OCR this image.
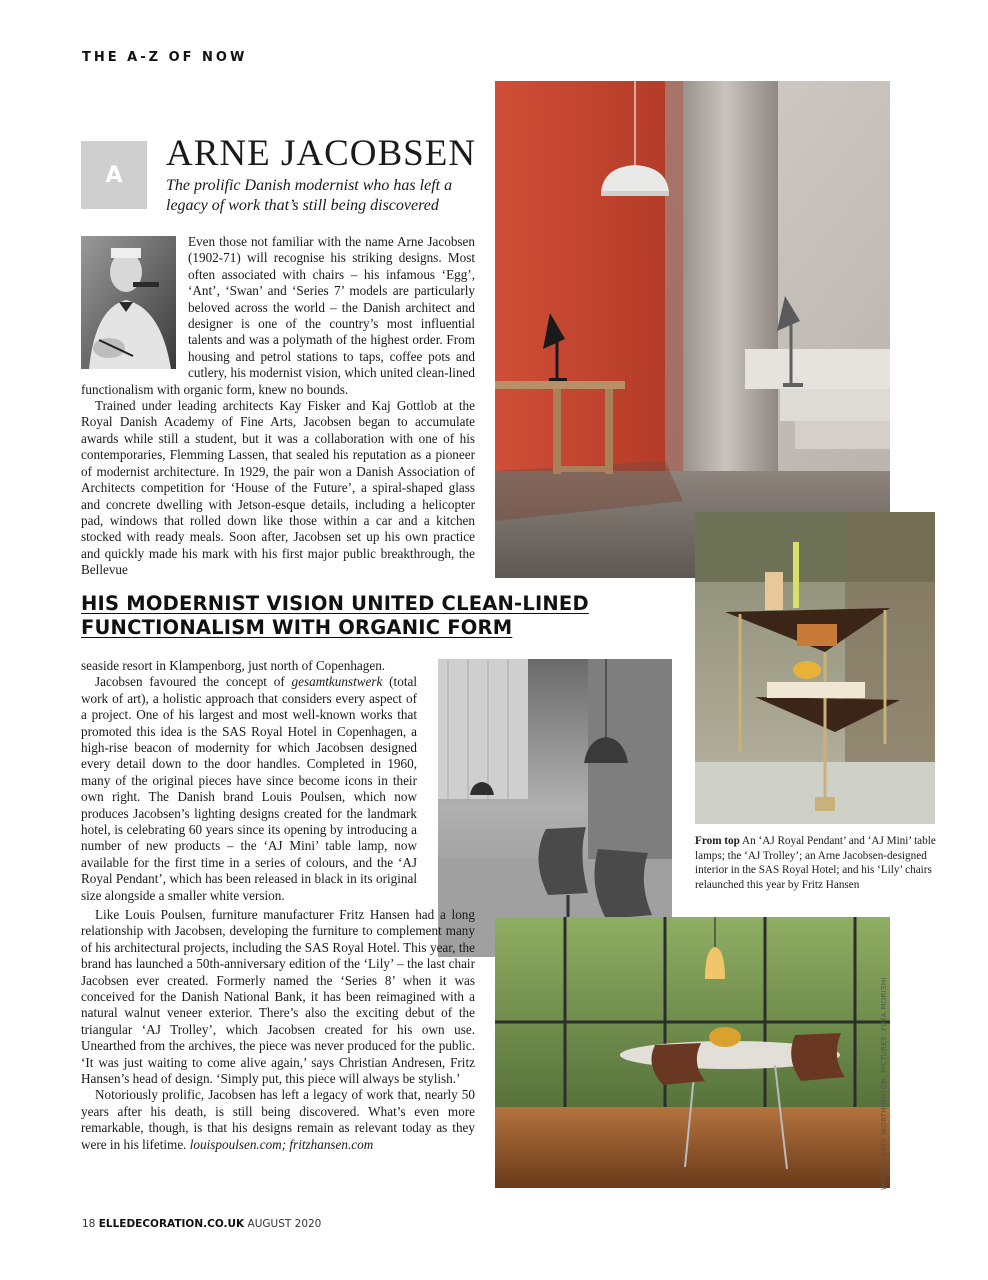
THE A-Z OF NOW
A
ARNE JACOBSEN
The prolific Danish modernist who has left a legacy of work that’s still being discovered

Even those not familiar with the name Arne Jacobsen (1902-71) will recognise his striking designs. Most often associated with chairs – his infamous ‘Egg’, ‘Ant’, ‘Swan’ and ‘Series 7’ models are particularly beloved across the world – the Danish architect and designer is one of the country’s most influential talents and was a polymath of the highest order. From housing and petrol stations to taps, coffee pots and cutlery, his modernist vision, which united clean-lined functionalism with organic form, knew no bounds.

Trained under leading architects Kay Fisker and Kaj Gottlob at the Royal Danish Academy of Fine Arts, Jacobsen began to accumulate awards while still a student, but it was a collaboration with one of his contemporaries, Flemming Lassen, that sealed his reputation as a pioneer of modernist architecture. In 1929, the pair won a Danish Association of Architects competition for ‘House of the Future’, a spiral-shaped glass and concrete dwelling with Jetson-esque details, including a helicopter pad, windows that rolled down like those within a car and a kitchen stocked with ready meals. Soon after, Jacobsen set up his own practice and quickly made his mark with his first major public breakthrough, the Bellevue

HIS MODERNIST VISION UNITED CLEAN-LINED FUNCTIONALISM WITH ORGANIC FORM
From top An ‘AJ Royal Pendant’ and ‘AJ Mini’ table lamps; the ‘AJ Trolley’; an Arne Jacobsen-designed interior in the SAS Royal Hotel; and his ‘Lily’ chairs relaunched this year by Fritz Hansen

seaside resort in Klampenborg, just north of Copenhagen.

Jacobsen favoured the concept of gesamtkunstwerk (total work of art), a holistic approach that considers every aspect of a project. One of his largest and most well-known works that promoted this idea is the SAS Royal Hotel in Copenhagen, a high-rise beacon of modernity for which Jacobsen designed every detail down to the door handles. Completed in 1960, many of the original pieces have since become icons in their own right. The Danish brand Louis Poulsen, which now produces Jacobsen’s lighting designs created for the landmark hotel, is celebrating 60 years since its opening by introducing a number of new products – the ‘AJ Mini’ table lamp, now available for the first time in a series of colours, and the ‘AJ Royal Pendant’, which has been released in black in its original size alongside a smaller white version.

Like Louis Poulsen, furniture manufacturer Fritz Hansen had a long relationship with Jacobsen, developing the furniture to complement many of his architectural projects, including the SAS Royal Hotel. This year, the brand has launched a 50th-anniversary edition of the ‘Lily’ – the last chair Jacobsen ever created. Formerly named the ‘Series 8’ when it was conceived for the Danish National Bank, it has been reimagined with a natural walnut veneer exterior. There’s also the exciting debut of the triangular ‘AJ Trolley’, which Jacobsen created for his own use. Unearthed from the archives, the piece was never produced for the public. ‘It was just waiting to come alive again,’ says Christian Andresen, Fritz Hansen’s head of design. ‘Simply put, this piece will always be stylish.’

Notoriously prolific, Jacobsen has left a legacy of work that, nearly 50 years after his death, is still being discovered. What’s even more remarkable, though, is that his designs remain as relevant today as they were in his lifetime. louispoulsen.com; fritzhansen.com	WORDS: KATE WORTHINGTON. PICTURES: FUTA MORISHI
18 ELLEDECORATION.CO.UK AUGUST 2020
